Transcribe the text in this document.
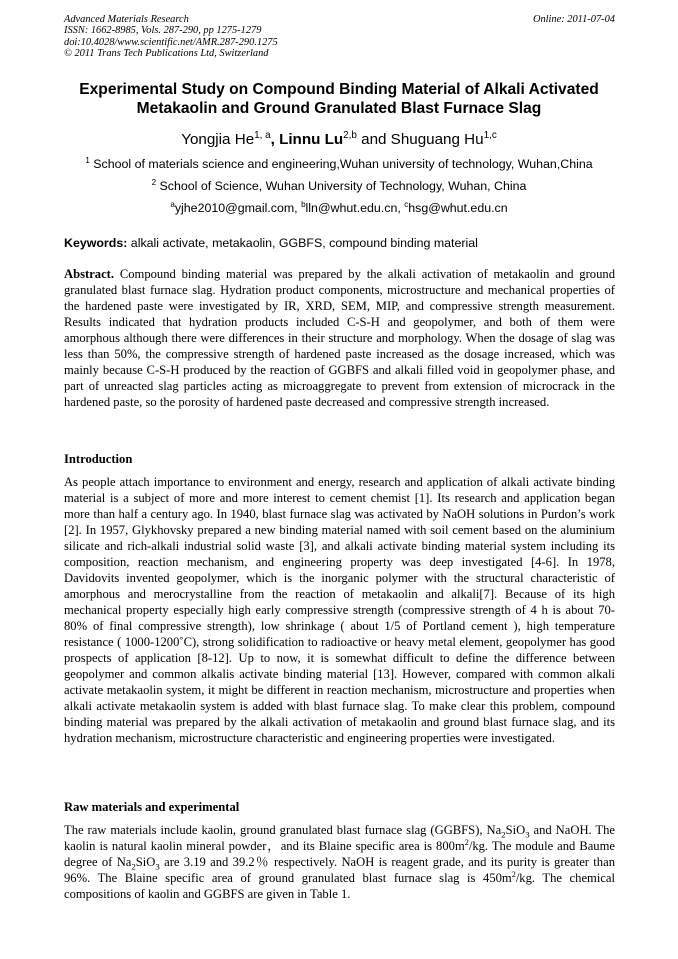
Advanced Materials Research
ISSN: 1662-8985, Vols. 287-290, pp 1275-1279
doi:10.4028/www.scientific.net/AMR.287-290.1275
© 2011 Trans Tech Publications Ltd, Switzerland
Online: 2011-07-04
Experimental Study on Compound Binding Material of Alkali Activated Metakaolin and Ground Granulated Blast Furnace Slag
Yongjia He$^{1, a}$, Linnu Lu$^{2,b}$ and Shuguang Hu$^{1,c}$
$^1$ School of materials science and engineering,Wuhan university of technology, Wuhan,China
$^2$ School of Science, Wuhan University of Technology, Wuhan, China
$^a$yjhe2010@gmail.com, $^b$lln@whut.edu.cn, $^c$hsg@whut.edu.cn
Keywords: alkali activate, metakaolin, GGBFS, compound binding material
Abstract. Compound binding material was prepared by the alkali activation of metakaolin and ground granulated blast furnace slag. Hydration product components, microstructure and mechanical properties of the hardened paste were investigated by IR, XRD, SEM, MIP, and compressive strength measurement. Results indicated that hydration products included C-S-H and geopolymer, and both of them were amorphous although there were differences in their structure and morphology. When the dosage of slag was less than 50%, the compressive strength of hardened paste increased as the dosage increased, which was mainly because C-S-H produced by the reaction of GGBFS and alkali filled void in geopolymer phase, and part of unreacted slag particles acting as microaggregate to prevent from extension of microcrack in the hardened paste, so the porosity of hardened paste decreased and compressive strength increased.
Introduction
As people attach importance to environment and energy, research and application of alkali activate binding material is a subject of more and more interest to cement chemist [1]. Its research and application began more than half a century ago. In 1940, blast furnace slag was activated by NaOH solutions in Purdon’s work [2]. In 1957, Glykhovsky prepared a new binding material named with soil cement based on the aluminium silicate and rich-alkali industrial solid waste [3], and alkali activate binding material system including its composition, reaction mechanism, and engineering property was deep investigated [4-6]. In 1978, Davidovits invented geopolymer, which is the inorganic polymer with the structural characteristic of amorphous and merocrystalline from the reaction of metakaolin and alkali[7]. Because of its high mechanical property especially high early compressive strength (compressive strength of 4 h is about 70-80% of final compressive strength), low shrinkage ( about 1/5 of Portland cement ), high temperature resistance ( 1000-1200˚C), strong solidification to radioactive or heavy metal element, geopolymer has good prospects of application [8-12]. Up to now, it is somewhat difficult to define the difference between geopolymer and common alkalis activate binding material [13]. However, compared with common alkali activate metakaolin system, it might be different in reaction mechanism, microstructure and properties when alkali activate metakaolin system is added with blast furnace slag. To make clear this problem, compound binding material was prepared by the alkali activation of metakaolin and ground blast furnace slag, and its hydration mechanism, microstructure characteristic and engineering properties were investigated.
Raw materials and experimental
The raw materials include kaolin, ground granulated blast furnace slag (GGBFS), $Na_2SiO_3$ and NaOH. The kaolin is natural kaolin mineral powder，and its Blaine specific area is $800m^2/kg$. The module and Baume degree of $Na_2SiO_3$ are 3.19 and 39.2％ respectively. NaOH is reagent grade, and its purity is greater than 96%. The Blaine specific area of ground granulated blast furnace slag is $450m^2/kg$. The chemical compositions of kaolin and GGBFS are given in Table 1.
